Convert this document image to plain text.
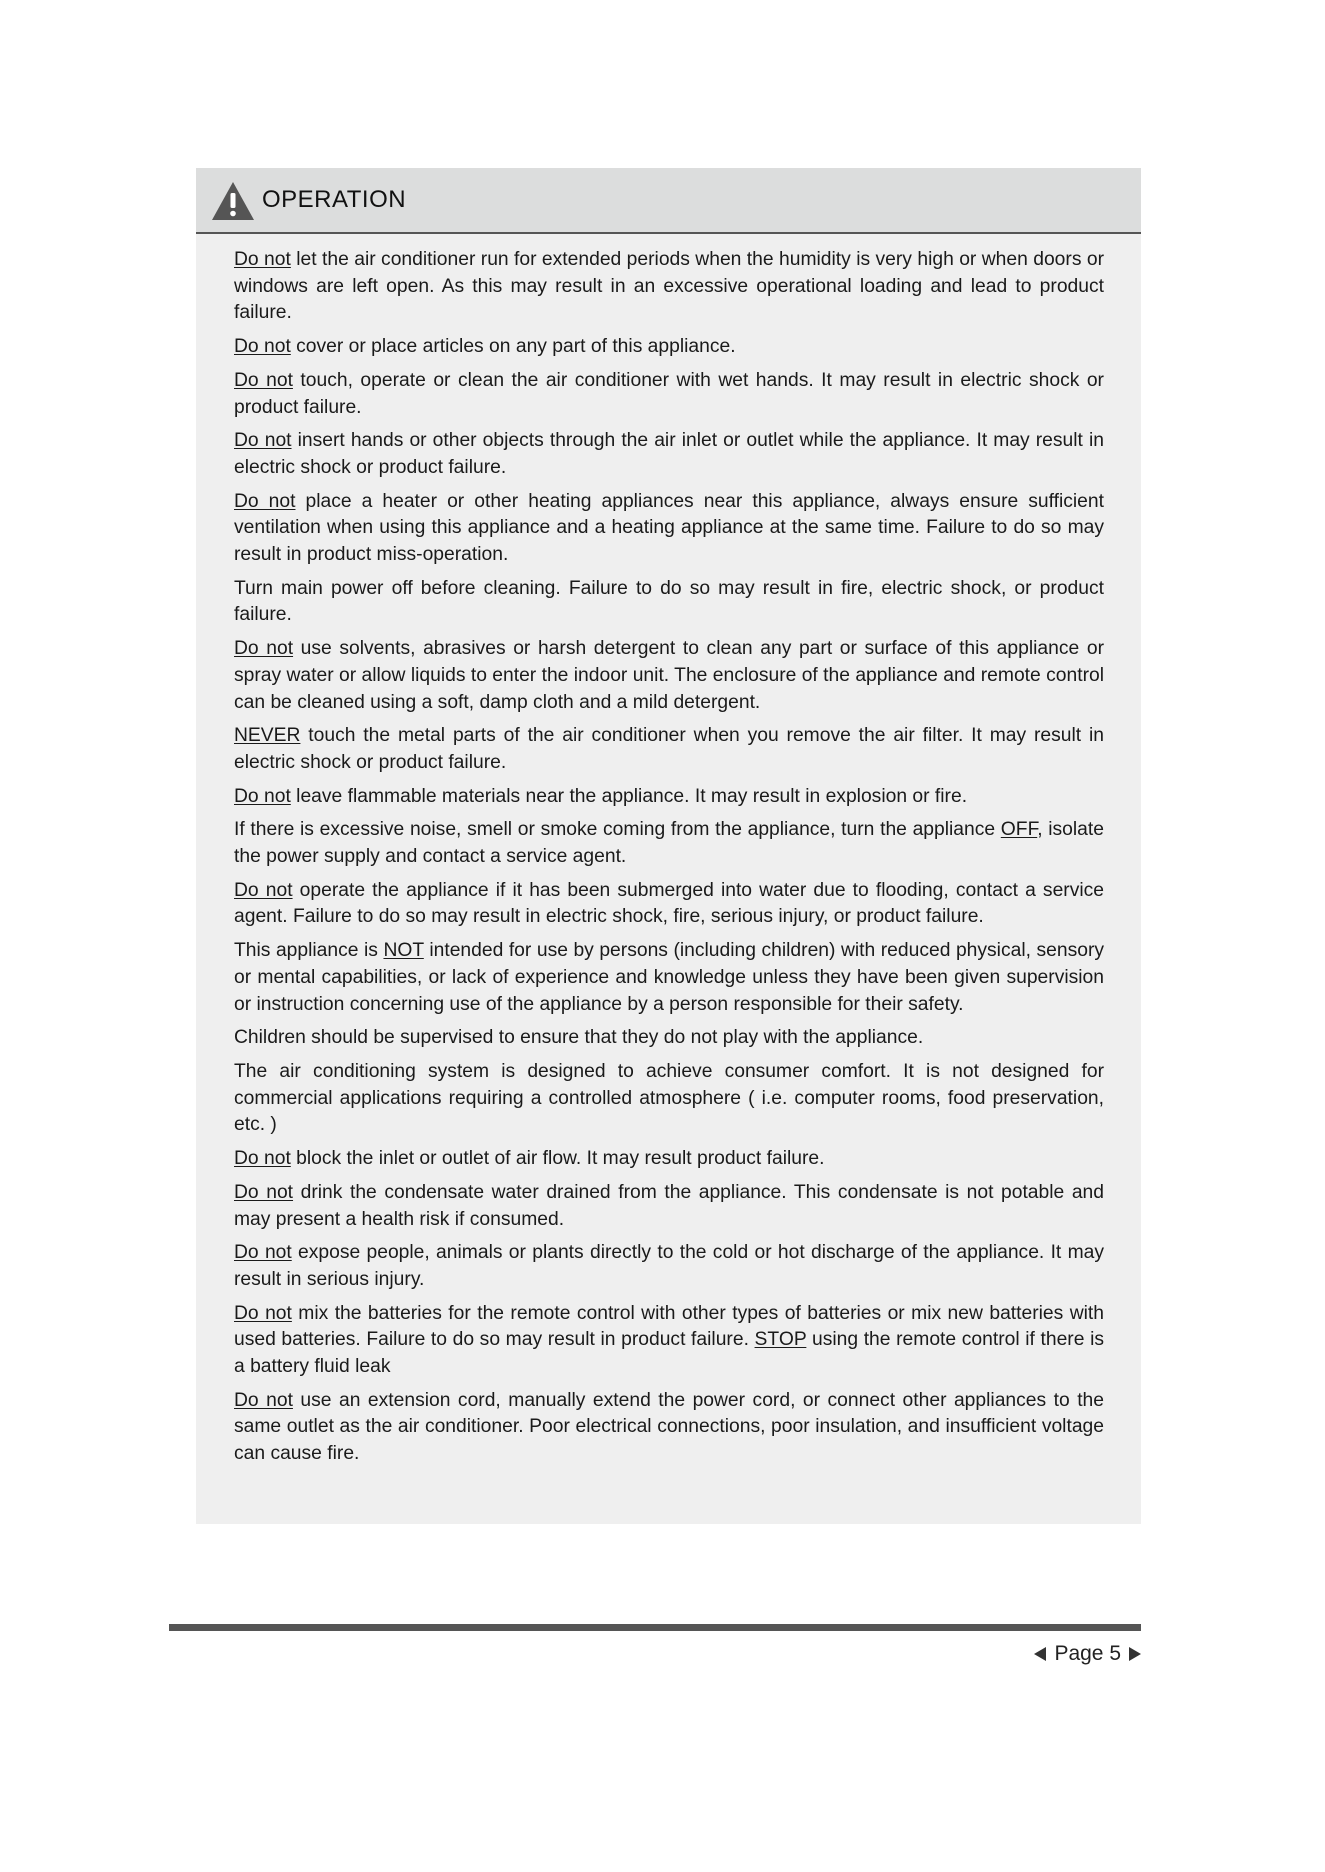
OPERATION

Do not let the air conditioner run for extended periods when the humidity is very high or when doors or windows are left open. As this may result in an excessive operational loading and lead to product failure.

Do not cover or place articles on any part of this appliance.

Do not touch, operate or clean the air conditioner with wet hands. It may result in electric shock or product failure.

Do not insert hands or other objects through the air inlet or outlet while the appliance. It may result in electric shock or product failure.

Do not place a heater or other heating appliances near this appliance, always ensure sufficient ventilation when using this appliance and a heating appliance at the same time. Failure to do so may result in product miss-operation.

Turn main power off before cleaning. Failure to do so may result in fire, electric shock, or product failure.

Do not use solvents, abrasives or harsh detergent to clean any part or surface of this appliance or spray water or allow liquids to enter the indoor unit. The enclosure of the appliance and remote control can be cleaned using a soft, damp cloth and a mild detergent.

NEVER touch the metal parts of the air conditioner when you remove the air filter. It may result in electric shock or product failure.

Do not leave flammable materials near the appliance. It may result in explosion or fire.

If there is excessive noise, smell or smoke coming from the appliance, turn the appliance OFF, isolate the power supply and contact a service agent.

Do not operate the appliance if it has been submerged into water due to flooding, contact a service agent. Failure to do so may result in electric shock, fire, serious injury, or product failure.

This appliance is NOT intended for use by persons (including children) with reduced physical, sensory or mental capabilities, or lack of experience and knowledge unless they have been given supervision or instruction concerning use of the appliance by a person responsible for their safety.

Children should be supervised to ensure that they do not play with the appliance.

The air conditioning system is designed to achieve consumer comfort. It is not designed for commercial applications requiring a controlled atmosphere ( i.e. computer rooms, food preservation, etc. )

Do not block the inlet or outlet of air flow. It may result product failure.

Do not drink the condensate water drained from the appliance. This condensate is not potable and may present a health risk if consumed.

Do not expose people, animals or plants directly to the cold or hot discharge of the appliance. It may result in serious injury.

Do not mix the batteries for the remote control with other types of batteries or mix new batteries with used batteries. Failure to do so may result in product failure. STOP using the remote control if there is a battery fluid leak

Do not use an extension cord, manually extend the power cord, or connect other appliances to the same outlet as the air conditioner. Poor electrical connections, poor insulation, and insufficient voltage can cause fire.

Page 5
